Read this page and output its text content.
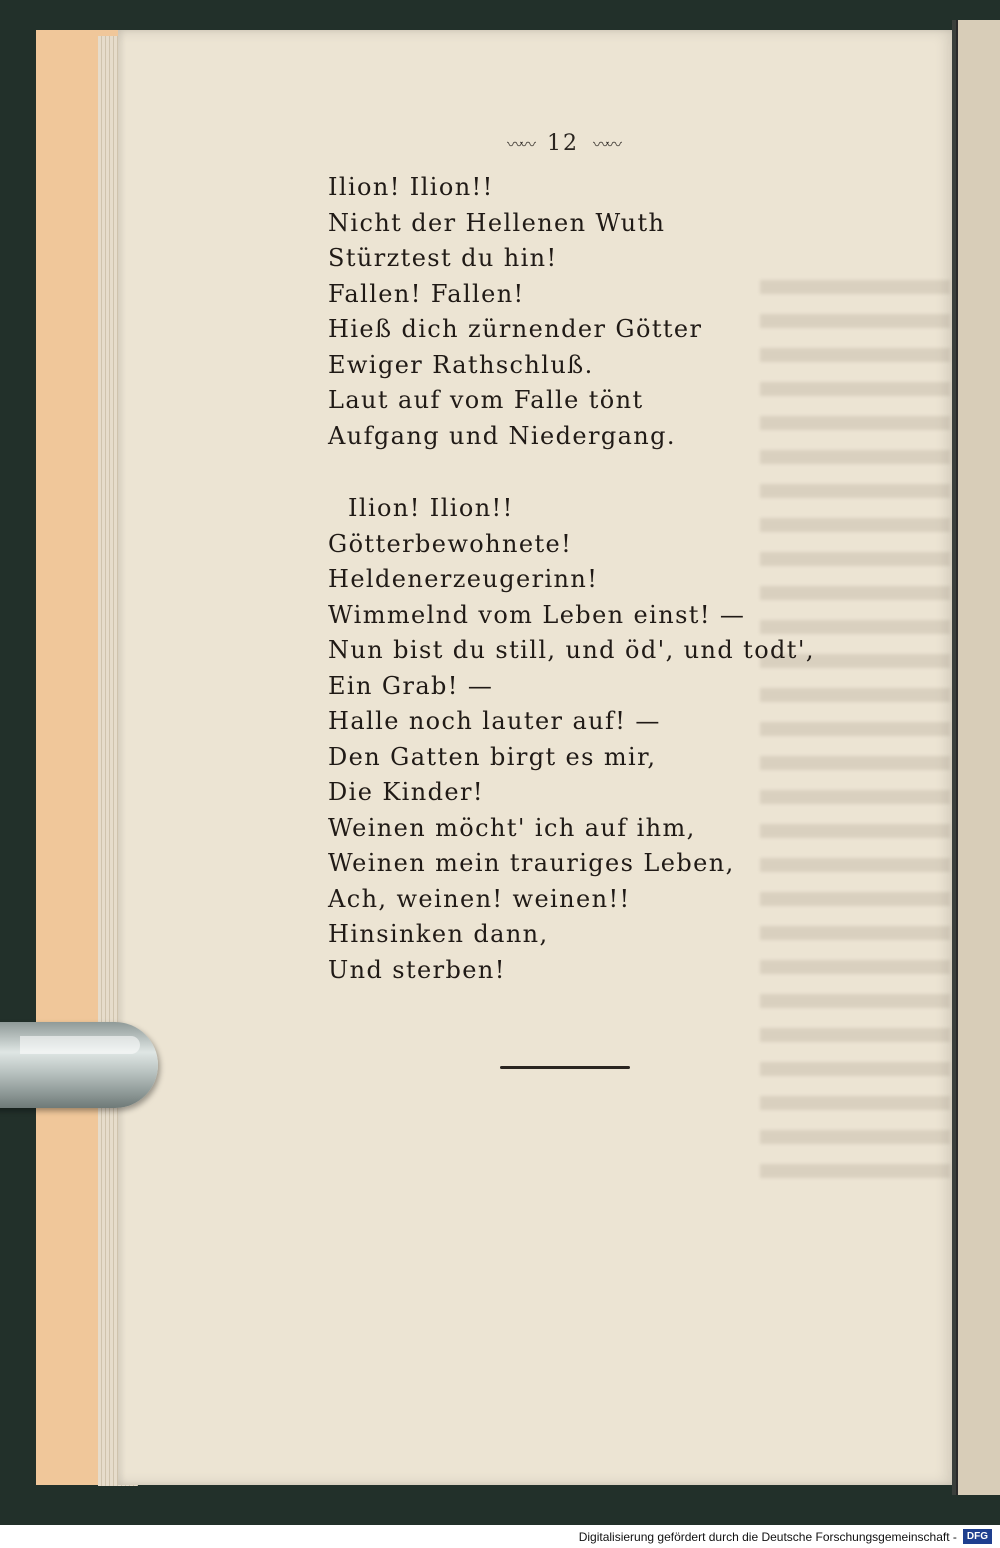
〰〰 12 〰〰
Ilion! Ilion!!
Nicht der Hellenen Wuth
Stürztest du hin!
Fallen! Fallen!
Hieß dich zürnender Götter
Ewiger Rathschluß.
Laut auf vom Falle tönt
Aufgang und Niedergang.
Ilion! Ilion!!
Götterbewohnete!
Heldenerzeugerinn!
Wimmelnd vom Leben einst! —
Nun bist du still, und öd', und todt',
Ein Grab! —
Halle noch lauter auf! —
Den Gatten birgt es mir,
Die Kinder!
Weinen möcht' ich auf ihm,
Weinen mein trauriges Leben,
Ach, weinen! weinen!!
Hinsinken dann,
Und sterben!
Digitalisierung gefördert durch die Deutsche Forschungsgemeinschaft -	DFG
